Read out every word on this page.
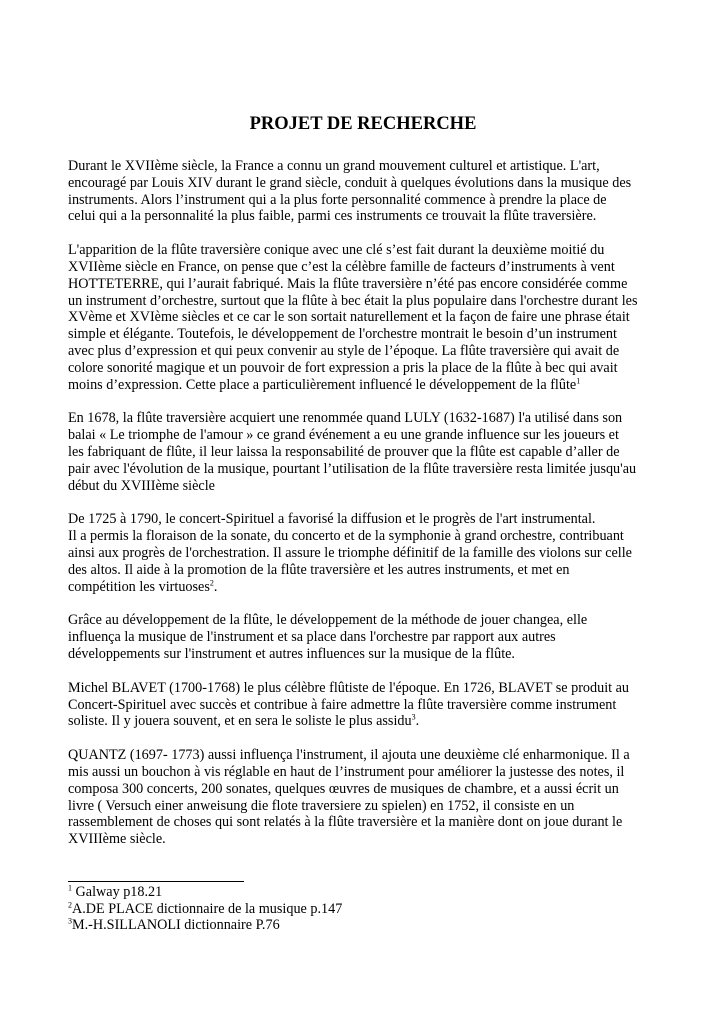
PROJET DE RECHERCHE

Durant le XVIIème siècle, la France a connu un grand mouvement culturel et artistique. L'art,
encouragé par Louis XIV durant le grand siècle, conduit à quelques évolutions dans la musique des
instruments. Alors l’instrument qui a la plus forte personnalité commence à prendre la place de
celui qui a la personnalité la plus faible, parmi ces instruments ce trouvait la flûte traversière.

L'apparition de la flûte traversière conique avec une clé s’est fait durant la deuxième moitié du
XVIIème siècle en France, on pense que c’est la célèbre famille de facteurs d’instruments à vent
HOTTETERRE, qui l’aurait fabriqué. Mais la flûte traversière n’été pas encore considérée comme
un instrument d’orchestre, surtout que la flûte à bec était la plus populaire dans l'orchestre durant les
XVème et XVIème siècles et ce car le son sortait naturellement et la façon de faire une phrase était
simple et élégante. Toutefois, le développement de l'orchestre montrait le besoin d’un instrument
avec plus d’expression et qui peux convenir au style de l’époque. La flûte traversière qui avait de
colore sonorité magique et un pouvoir de fort expression a pris la place de la flûte à bec qui avait
moins d’expression. Cette place a particulièrement influencé le développement de la flûte$^1$

En 1678, la flûte traversière acquiert une renommée quand LULY (1632-1687) l'a utilisé dans son
balai « Le triomphe de l'amour » ce grand événement a eu une grande influence sur les joueurs et
les fabriquant de flûte, il leur laissa la responsabilité de prouver que la flûte est capable d’aller de
pair avec l'évolution de la musique, pourtant l’utilisation de la flûte traversière resta limitée jusqu'au
début du XVIIIème siècle

De 1725 à 1790, le concert-Spirituel a favorisé la diffusion et le progrès de l'art instrumental.
Il a permis la floraison de la sonate, du concerto et de la symphonie à grand orchestre, contribuant
ainsi aux progrès de l'orchestration. Il assure le triomphe définitif de la famille des violons sur celle
des altos. Il aide à la promotion de la flûte traversière et les autres instruments, et met en
compétition les virtuoses$^2$.

Grâce au développement de la flûte, le développement de la méthode de jouer changea, elle
influença la musique de l'instrument et sa place dans l'orchestre par rapport aux autres
développements sur l'instrument et autres influences sur la musique de la flûte.

Michel BLAVET (1700-1768) le plus célèbre flûtiste de l'époque. En 1726, BLAVET se produit au
Concert-Spirituel avec succès et contribue à faire admettre la flûte traversière comme instrument
soliste. Il y jouera souvent, et en sera le soliste le plus assidu$^3$.

QUANTZ (1697- 1773) aussi influença l'instrument, il ajouta une deuxième clé enharmonique. Il a
mis aussi un bouchon à vis réglable en haut de l’instrument pour améliorer la justesse des notes, il
composa 300 concerts, 200 sonates, quelques œuvres de musiques de chambre, et a aussi écrit un
livre ( Versuch einer anweisung die flote traversiere zu spielen) en 1752, il consiste en un
rassemblement de choses qui sont relatés à la flûte traversière et la manière dont on joue durant le
XVIIIème siècle.

$^1$ Galway p18.21
$^2$A.DE PLACE dictionnaire de la musique p.147
$^3$M.-H.SILLANOLI dictionnaire P.76
